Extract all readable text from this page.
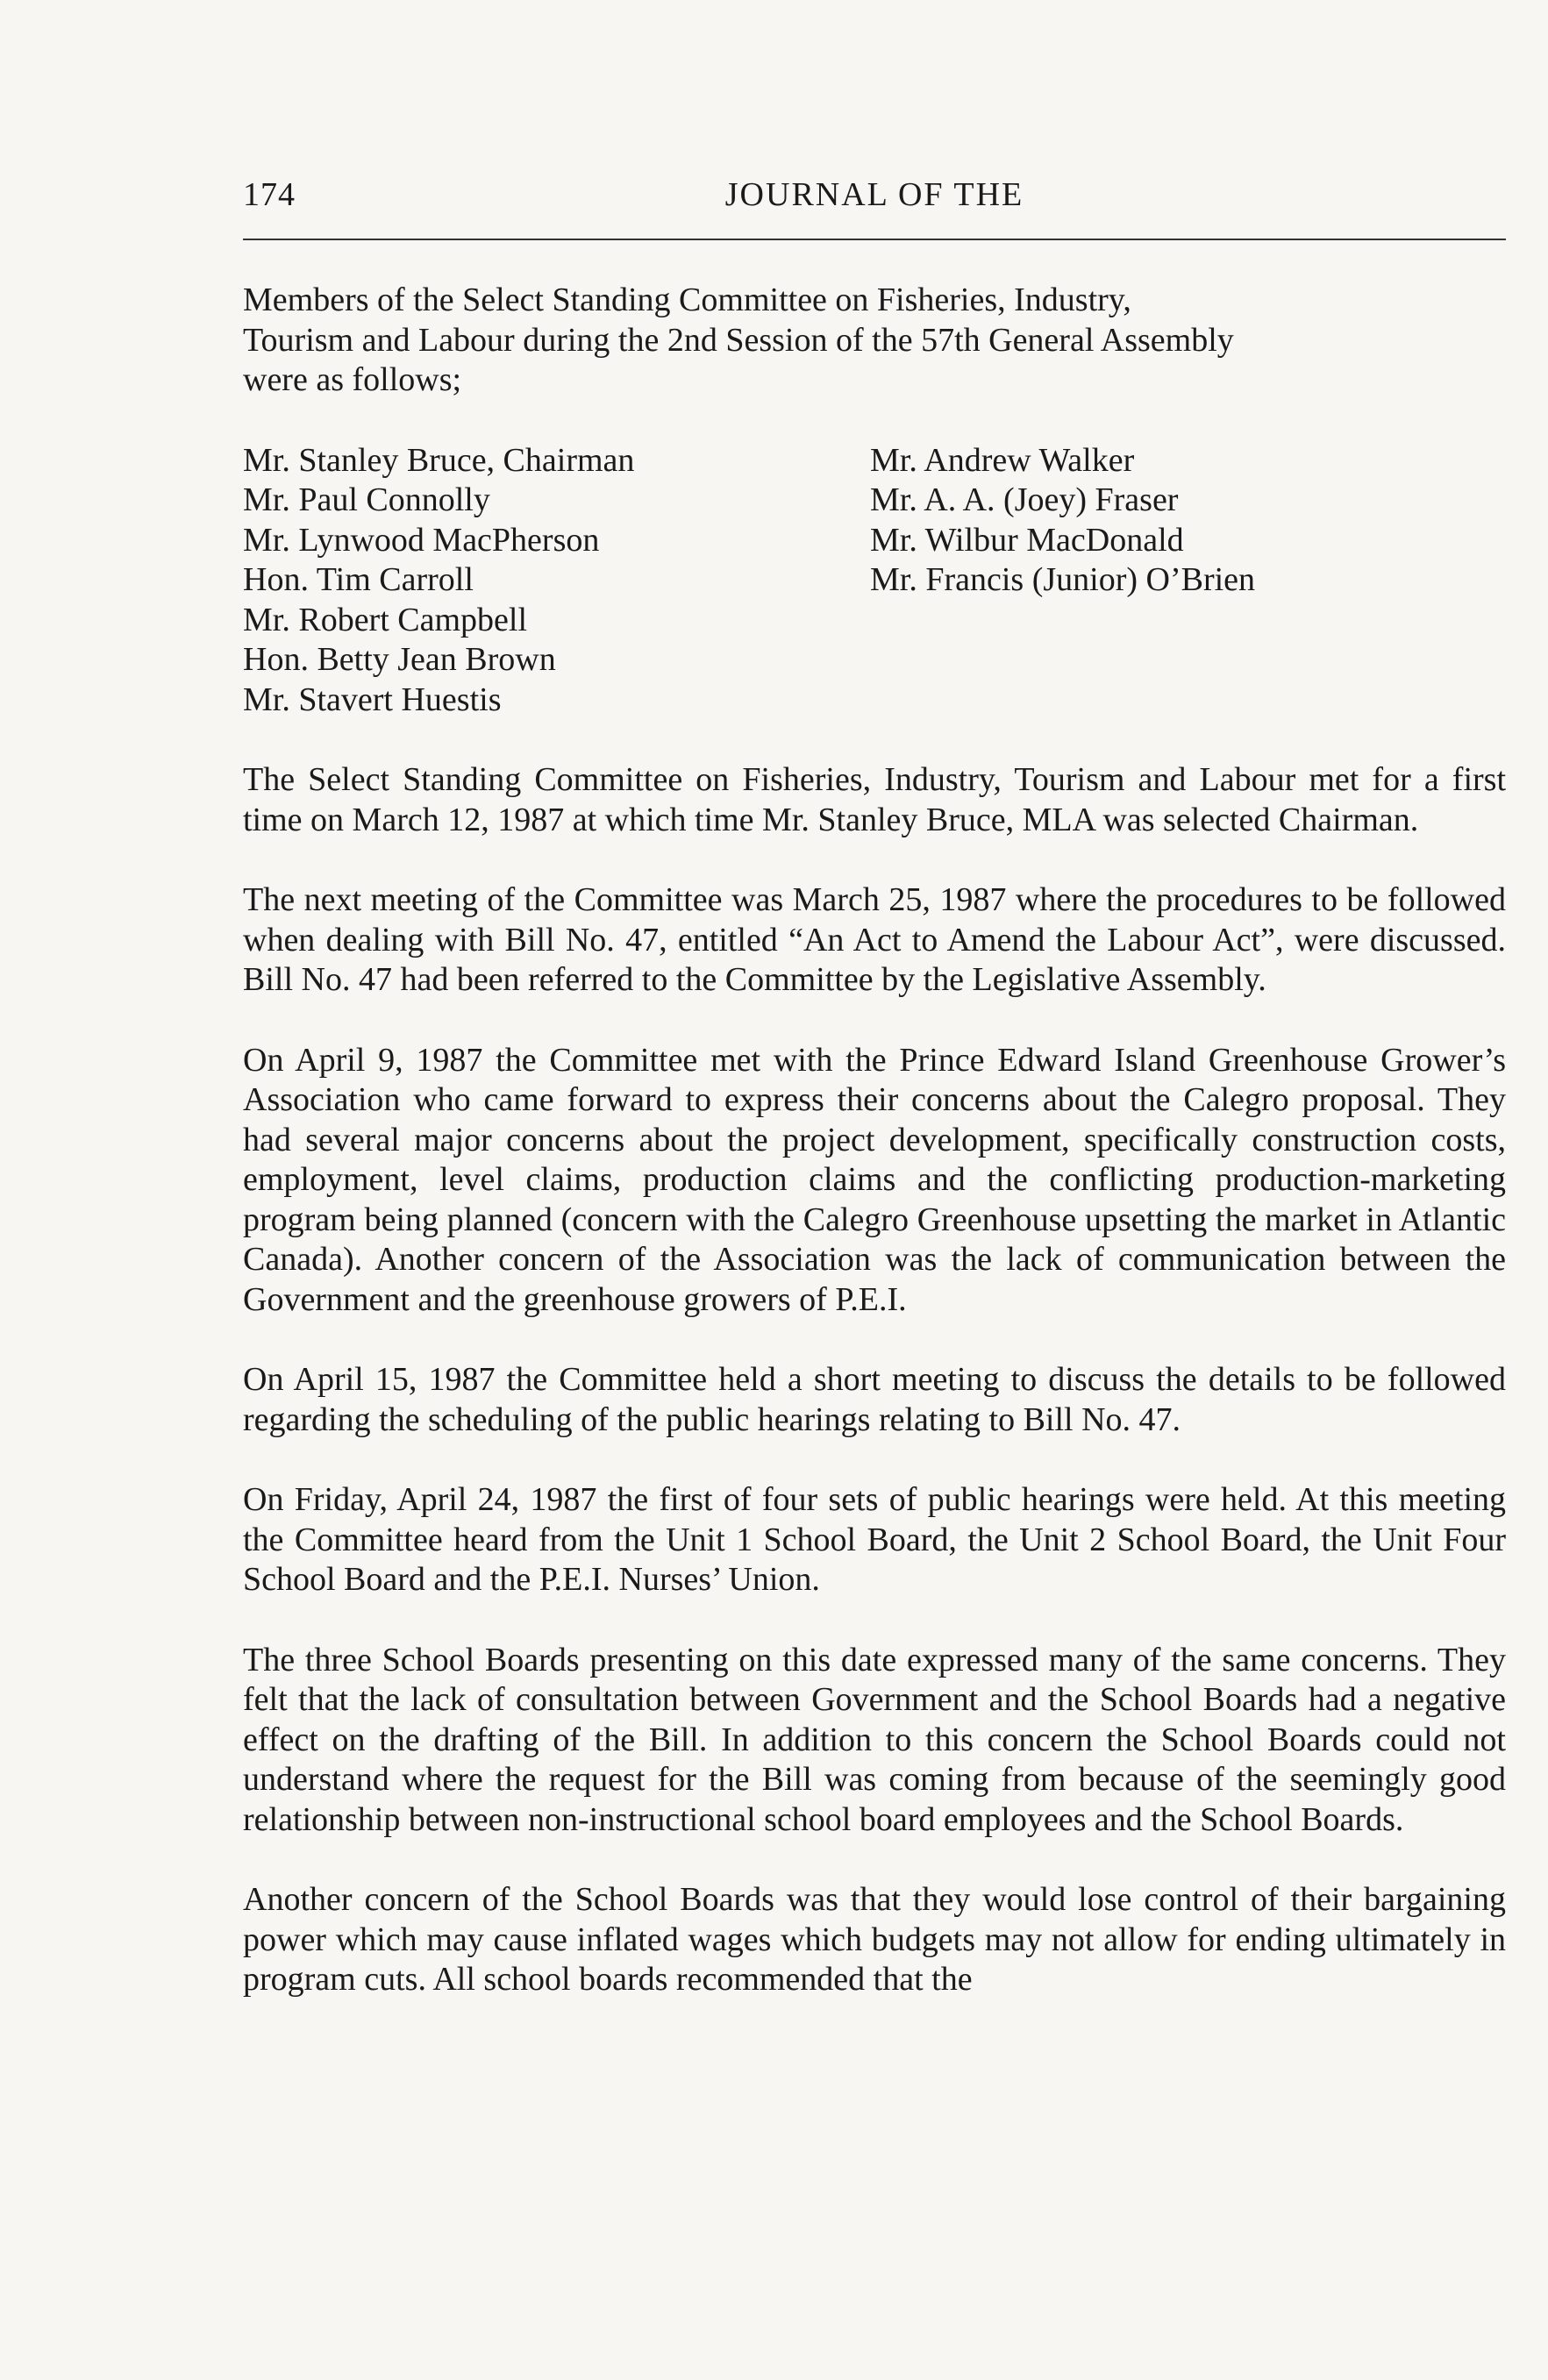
174	JOURNAL OF THE

Members of the Select Standing Committee on Fisheries, Industry, Tourism and Labour during the 2nd Session of the 57th General Assembly were as follows;

Mr. Stanley Bruce, Chairman
Mr. Paul Connolly
Mr. Lynwood MacPherson
Hon. Tim Carroll
Mr. Robert Campbell
Hon. Betty Jean Brown
Mr. Stavert Huestis
Mr. Andrew Walker
Mr. A. A. (Joey) Fraser
Mr. Wilbur MacDonald
Mr. Francis (Junior) O’Brien

The Select Standing Committee on Fisheries, Industry, Tourism and Labour met for a first time on March 12, 1987 at which time Mr. Stanley Bruce, MLA was selected Chairman.

The next meeting of the Committee was March 25, 1987 where the procedures to be followed when dealing with Bill No. 47, entitled “An Act to Amend the Labour Act”, were discussed. Bill No. 47 had been referred to the Committee by the Legislative Assembly.

On April 9, 1987 the Committee met with the Prince Edward Island Greenhouse Grower’s Association who came forward to express their concerns about the Calegro proposal. They had several major concerns about the project development, specifically construction costs, employment, level claims, production claims and the conflicting production-marketing program being planned (concern with the Calegro Greenhouse upsetting the market in Atlantic Canada). Another concern of the Association was the lack of communication between the Government and the greenhouse growers of P.E.I.

On April 15, 1987 the Committee held a short meeting to discuss the details to be followed regarding the scheduling of the public hearings relating to Bill No. 47.

On Friday, April 24, 1987 the first of four sets of public hearings were held. At this meeting the Committee heard from the Unit 1 School Board, the Unit 2 School Board, the Unit Four School Board and the P.E.I. Nurses’ Union.

The three School Boards presenting on this date expressed many of the same concerns. They felt that the lack of consultation between Government and the School Boards had a negative effect on the drafting of the Bill. In addition to this concern the School Boards could not understand where the request for the Bill was coming from because of the seemingly good relationship between non-instructional school board employees and the School Boards.

Another concern of the School Boards was that they would lose control of their bargaining power which may cause inflated wages which budgets may not allow for ending ultimately in program cuts. All school boards recommended that the
